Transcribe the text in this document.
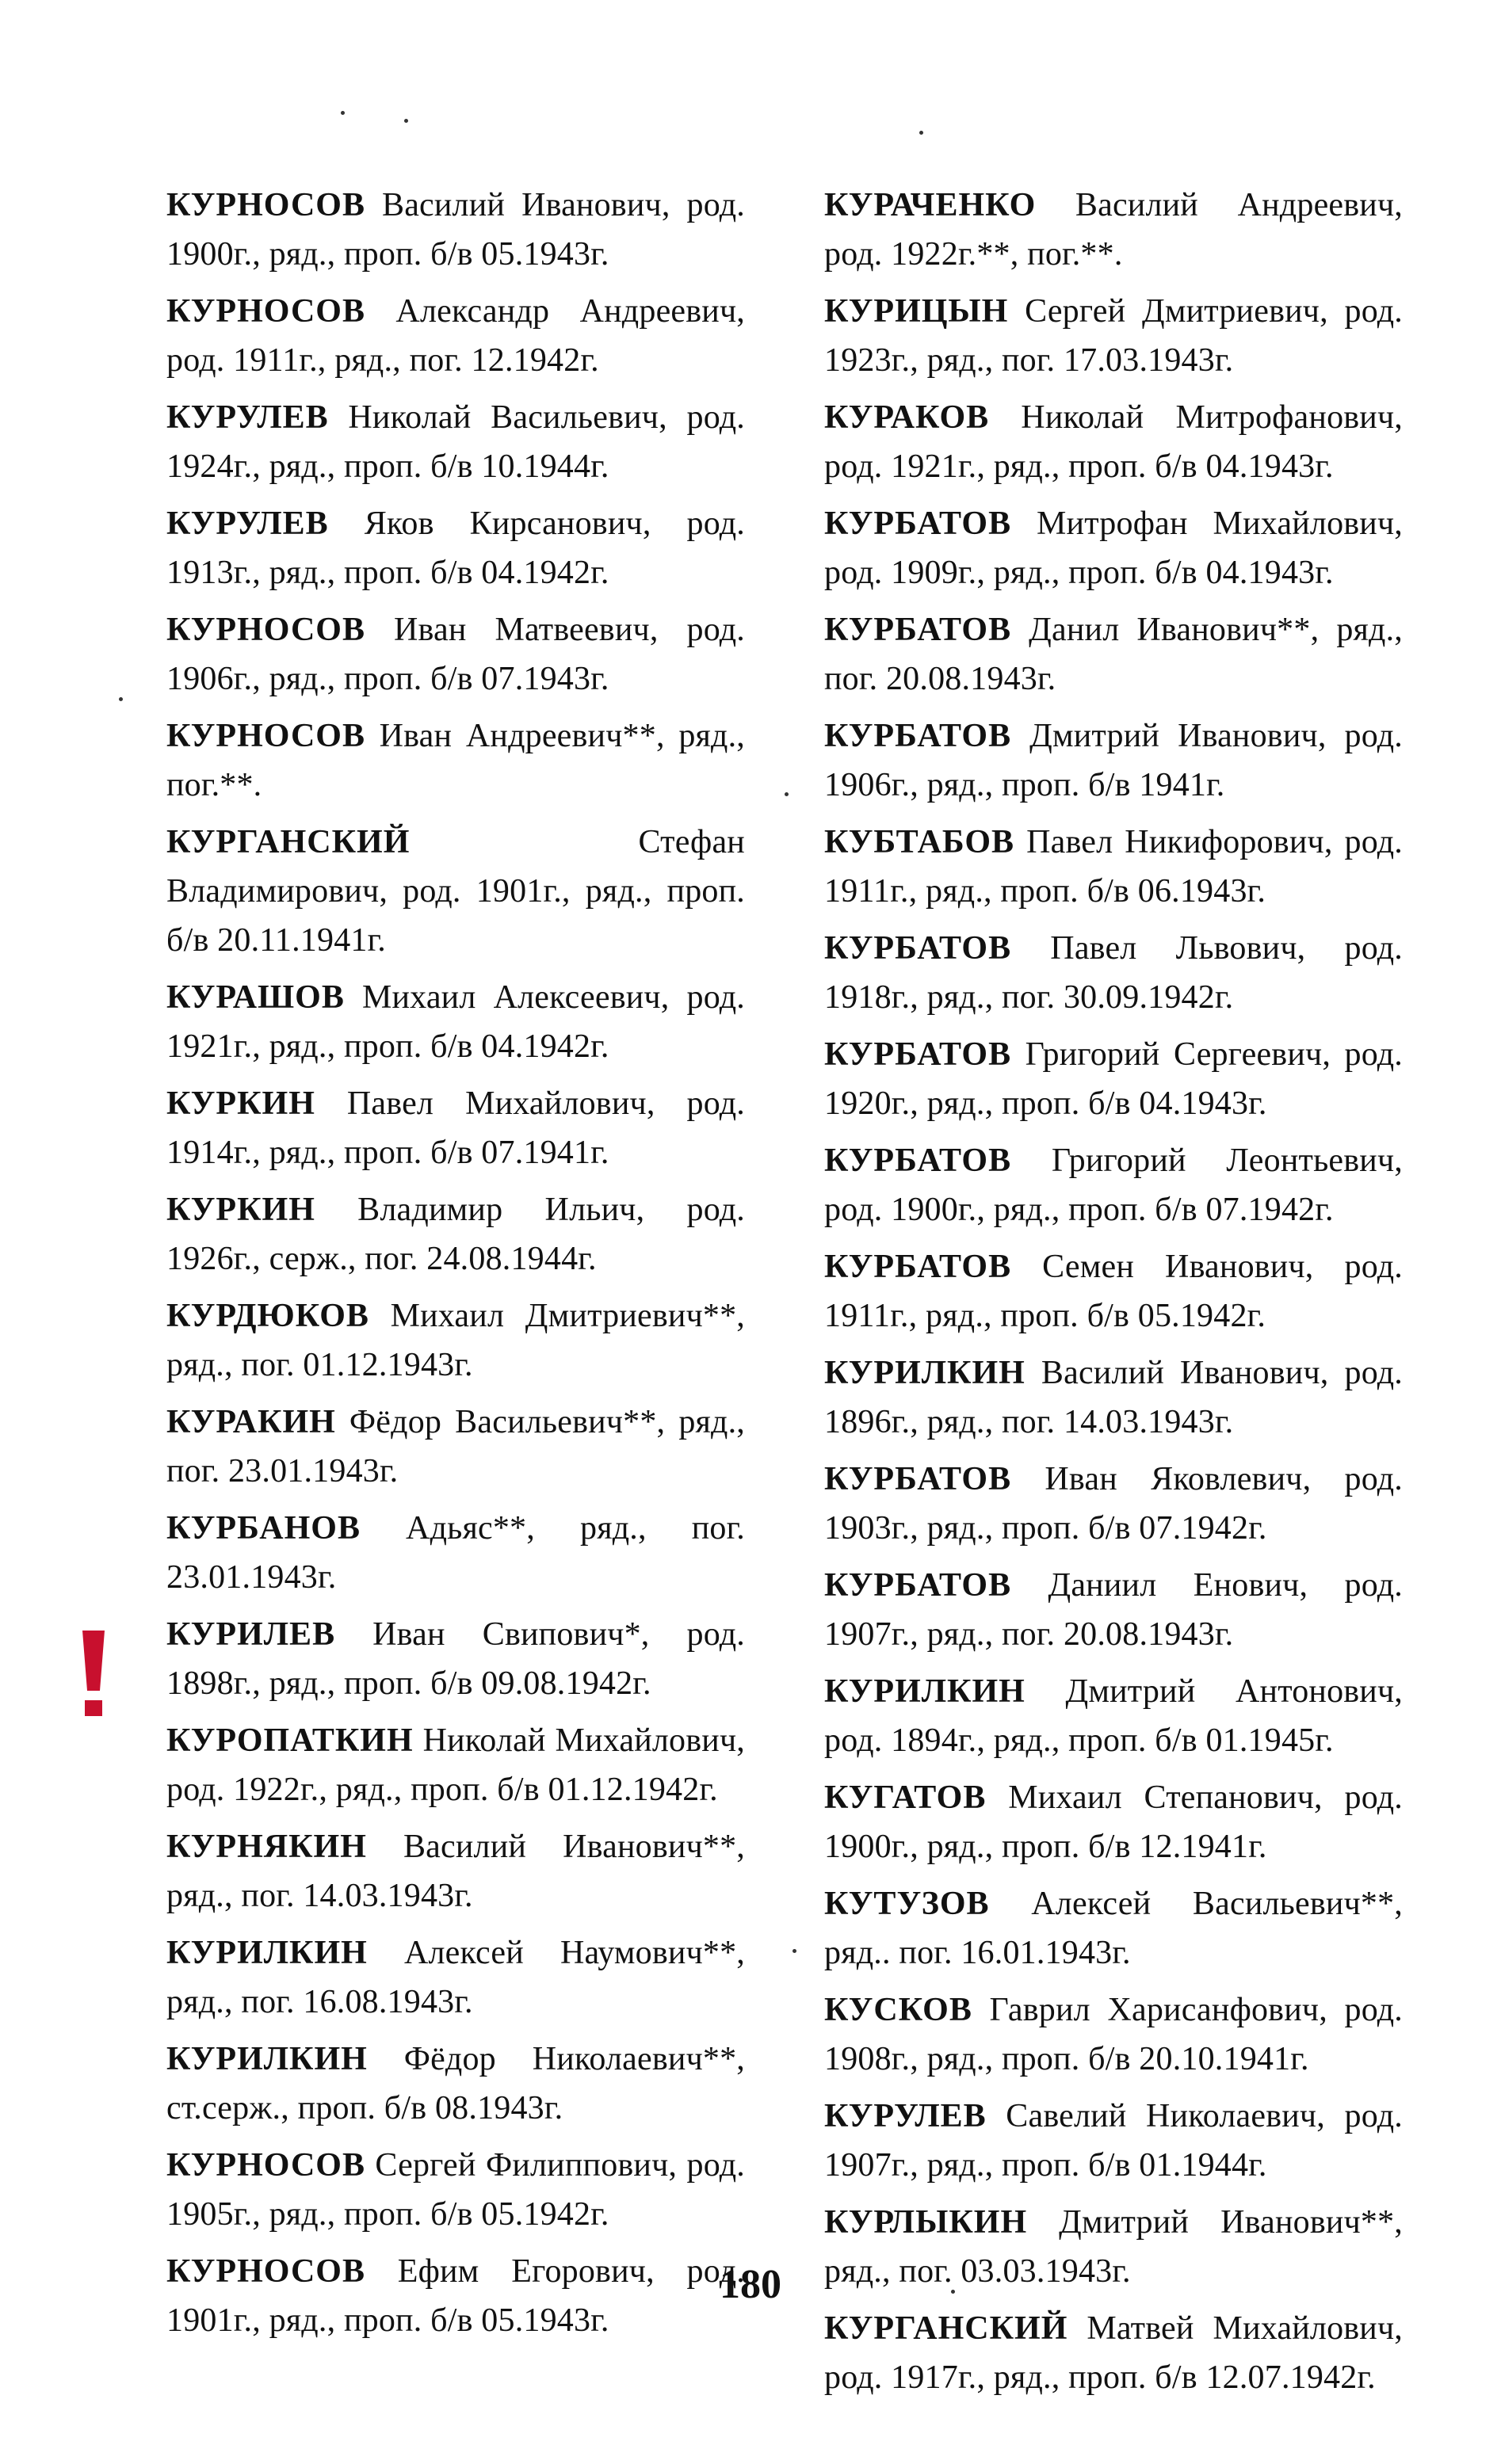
КУРНОСОВ Василий Иванович, род. 1900г., ряд., проп. б/в 05.1943г.

КУРНОСОВ Александр Андреевич, род. 1911г., ряд., пог. 12.1942г.

КУРУЛЕВ Николай Васильевич, род. 1924г., ряд., проп. б/в 10.1944г.

КУРУЛЕВ Яков Кирсанович, род. 1913г., ряд., проп. б/в 04.1942г.

КУРНОСОВ Иван Матвеевич, род. 1906г., ряд., проп. б/в 07.1943г.

КУРНОСОВ Иван Андреевич**, ряд., пог.**.

КУРГАНСКИЙ	Стефан Владимирович, род. 1901г., ряд., проп. б/в 20.11.1941г.

КУРАШОВ Михаил Алексеевич, род. 1921г., ряд., проп. б/в 04.1942г.

КУРКИН Павел Михайлович, род. 1914г., ряд., проп. б/в 07.1941г.

КУРКИН Владимир Ильич, род. 1926г., серж., пог. 24.08.1944г.

КУРДЮКОВ Михаил Дмитриевич**, ряд., пог. 01.12.1943г.

КУРАКИН Фёдор Васильевич**, ряд., пог. 23.01.1943г.

КУРБАНОВ Адьяс**, ряд., пог. 23.01.1943г.

КУРИЛЕВ Иван Свипович*, род. 1898г., ряд., проп. б/в 09.08.1942г.

КУРОПАТКИН Николай Михайлович, род. 1922г., ряд., проп. б/в 01.12.1942г.

КУРНЯКИН Василий Иванович**, ряд., пог. 14.03.1943г.

КУРИЛКИН Алексей Наумович**, ряд., пог. 16.08.1943г.

КУРИЛКИН Фёдор Николаевич**, ст.серж., проп. б/в 08.1943г.

КУРНОСОВ Сергей Филиппович, род. 1905г., ряд., проп. б/в 05.1942г.

КУРНОСОВ Ефим Егорович, род. 1901г., ряд., проп. б/в 05.1943г.

КУРАЧЕНКО Василий Андреевич, род. 1922г.**, пог.**.

КУРИЦЫН Сергей Дмитриевич, род. 1923г., ряд., пог. 17.03.1943г.

КУРАКОВ Николай Митрофанович, род. 1921г., ряд., проп. б/в 04.1943г.

КУРБАТОВ Митрофан Михайлович, род. 1909г., ряд., проп. б/в 04.1943г.

КУРБАТОВ Данил Иванович**, ряд., пог. 20.08.1943г.

КУРБАТОВ Дмитрий Иванович, род. 1906г., ряд., проп. б/в 1941г.

КУБТАБОВ Павел Никифорович, род. 1911г., ряд., проп. б/в 06.1943г.

КУРБАТОВ Павел Львович, род. 1918г., ряд., пог. 30.09.1942г.

КУРБАТОВ Григорий Сергеевич, род. 1920г., ряд., проп. б/в 04.1943г.

КУРБАТОВ Григорий Леонтьевич, род. 1900г., ряд., проп. б/в 07.1942г.

КУРБАТОВ Семен Иванович, род. 1911г., ряд., проп. б/в 05.1942г.

КУРИЛКИН Василий Иванович, род. 1896г., ряд., пог. 14.03.1943г.

КУРБАТОВ Иван Яковлевич, род. 1903г., ряд., проп. б/в 07.1942г.

КУРБАТОВ Даниил Енович, род. 1907г., ряд., пог. 20.08.1943г.

КУРИЛКИН Дмитрий Антонович, род. 1894г., ряд., проп. б/в 01.1945г.

КУГАТОВ Михаил Степанович, род. 1900г., ряд., проп. б/в 12.1941г.

КУТУЗОВ Алексей Васильевич**, ряд.. пог. 16.01.1943г.

КУСКОВ Гаврил Харисанфович, род. 1908г., ряд., проп. б/в 20.10.1941г.

КУРУЛЕВ Савелий Николаевич, род. 1907г., ряд., проп. б/в 01.1944г.

КУРЛЫКИН Дмитрий Иванович**, ряд., пог. 03.03.1943г.

КУРГАНСКИЙ Матвей Михайлович, род. 1917г., ряд., проп. б/в 12.07.1942г.

180
